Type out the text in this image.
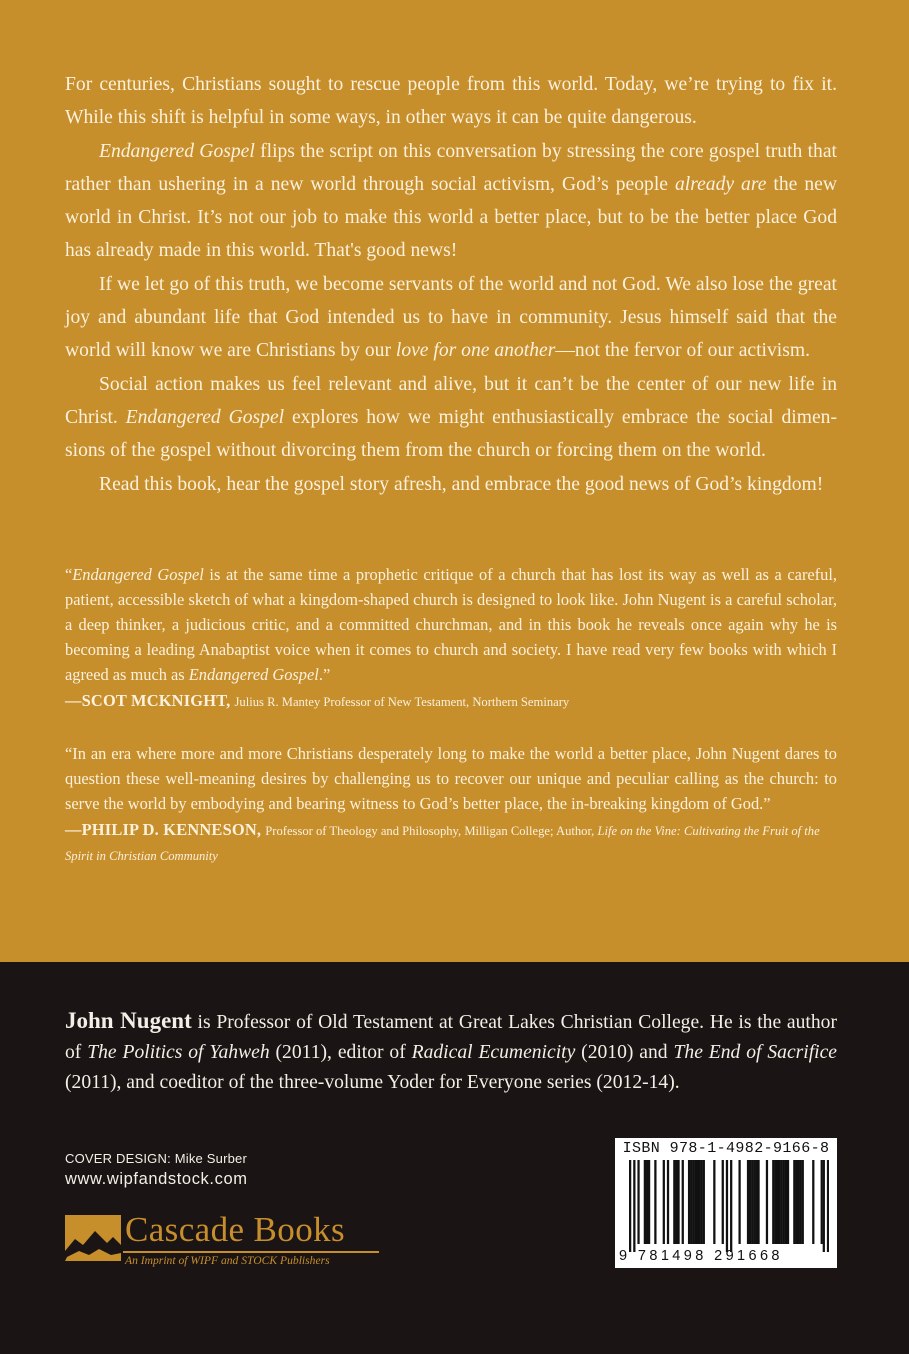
For centuries, Christians sought to rescue people from this world. Today, we’re trying to fix it. While this shift is helpful in some ways, in other ways it can be quite dangerous.

Endangered Gospel flips the script on this conversation by stressing the core gospel truth that rather than ushering in a new world through social activism, God’s people already are the new world in Christ. It’s not our job to make this world a better place, but to be the better place God has already made in this world. That's good news!

If we let go of this truth, we become servants of the world and not God. We also lose the great joy and abundant life that God intended us to have in community. Jesus himself said that the world will know we are Christians by our love for one another—not the fervor of our activism.

Social action makes us feel relevant and alive, but it can’t be the center of our new life in Christ. Endangered Gospel explores how we might enthusiastically embrace the social dimen- sions of the gospel without divorcing them from the church or forcing them on the world.

Read this book, hear the gospel story afresh, and embrace the good news of God’s kingdom!

“Endangered Gospel is at the same time a prophetic critique of a church that has lost its way as well as a careful, patient, accessible sketch of what a kingdom-shaped church is designed to look like. John Nugent is a careful scholar, a deep thinker, a judicious critic, and a committed churchman, and in this book he reveals once again why he is becoming a leading Anabaptist voice when it comes to church and society. I have read very few books with which I agreed as much as Endangered Gospel.”
—SCOT MCKNIGHT, Julius R. Mantey Professor of New Testament, Northern Seminary
“In an era where more and more Christians desperately long to make the world a better place, John Nugent dares to question these well-meaning desires by challenging us to recover our unique and peculiar calling as the church: to serve the world by embodying and bearing witness to God’s better place, the in-breaking kingdom of God.”
—PHILIP D. KENNESON, Professor of Theology and Philosophy, Milligan College; Author, Life on the Vine: Cultivating the Fruit of the Spirit in Christian Community
John Nugent is Professor of Old Testament at Great Lakes Christian College. He is the author of The Politics of Yahweh (2011), editor of Radical Ecumenicity (2010) and The End of Sacrifice (2011), and coeditor of the three-volume Yoder for Everyone series (2012-14).
COVER DESIGN: Mike Surber
www.wipfandstock.com
Cascade Books
An Imprint of WIPF and STOCK Publishers
ISBN 978-1-4982-9166-8
9 781498 291668
